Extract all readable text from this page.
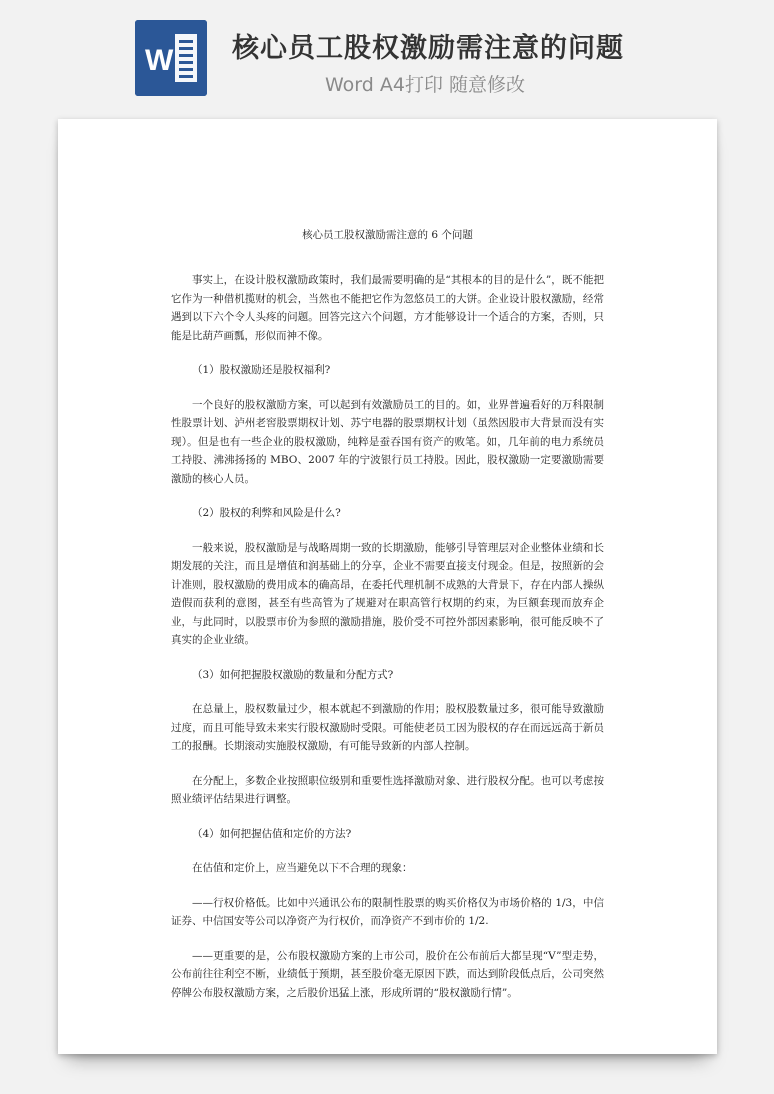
W 核心员工股权激励需注意的问题
Word A4打印 随意修改
核心员工股权激励需注意的 6 个问题

事实上，在设计股权激励政策时，我们最需要明确的是“其根本的目的是什么”，既不能把它作为一种借机揽财的机会，当然也不能把它作为忽悠员工的大饼。企业设计股权激励，经常遇到以下六个令人头疼的问题。回答完这六个问题，方才能够设计一个适合的方案，否则，只能是比葫芦画瓢，形似而神不像。

（1）股权激励还是股权福利?

一个良好的股权激励方案，可以起到有效激励员工的目的。如，业界普遍看好的万科限制性股票计划、泸州老窖股票期权计划、苏宁电器的股票期权计划（虽然因股市大背景而没有实现）。但是也有一些企业的股权激励，纯粹是蚕吞国有资产的败笔。如，几年前的电力系统员工持股、沸沸扬扬的 MBO、2007 年的宁波银行员工持股。因此，股权激励一定要激励需要激励的核心人员。

（2）股权的利弊和风险是什么?

一般来说，股权激励是与战略周期一致的长期激励，能够引导管理层对企业整体业绩和长期发展的关注，而且是增值和润基础上的分享，企业不需要直接支付现金。但是，按照新的会计准则，股权激励的费用成本的确高昂，在委托代理机制不成熟的大背景下，存在内部人操纵造假而获利的意图，甚至有些高管为了规避对在职高管行权期的约束，为巨额套现而放弃企业，与此同时，以股票市价为参照的激励措施，股价受不可控外部因素影响，很可能反映不了真实的企业业绩。

（3）如何把握股权激励的数量和分配方式?

在总量上，股权数量过少，根本就起不到激励的作用；股权股数量过多，很可能导致激励过度，而且可能导致未来实行股权激励时受限。可能使老员工因为股权的存在而远远高于新员工的报酬。长期滚动实施股权激励，有可能导致新的内部人控制。

在分配上，多数企业按照职位级别和重要性选择激励对象、进行股权分配。也可以考虑按照业绩评估结果进行调整。

（4）如何把握估值和定价的方法?

在估值和定价上，应当避免以下不合理的现象：

——行权价格低。比如中兴通讯公布的限制性股票的购买价格仅为市场价格的 1/3，中信证券、中信国安等公司以净资产为行权价，而净资产不到市价的 1/2.

——更重要的是，公布股权激励方案的上市公司，股价在公布前后大都呈现“V”型走势，公布前往往利空不断，业绩低于预期，甚至股价毫无原因下跌，而达到阶段低点后，公司突然停牌公布股权激励方案，之后股价迅猛上涨，形成所谓的“股权激励行情”。
